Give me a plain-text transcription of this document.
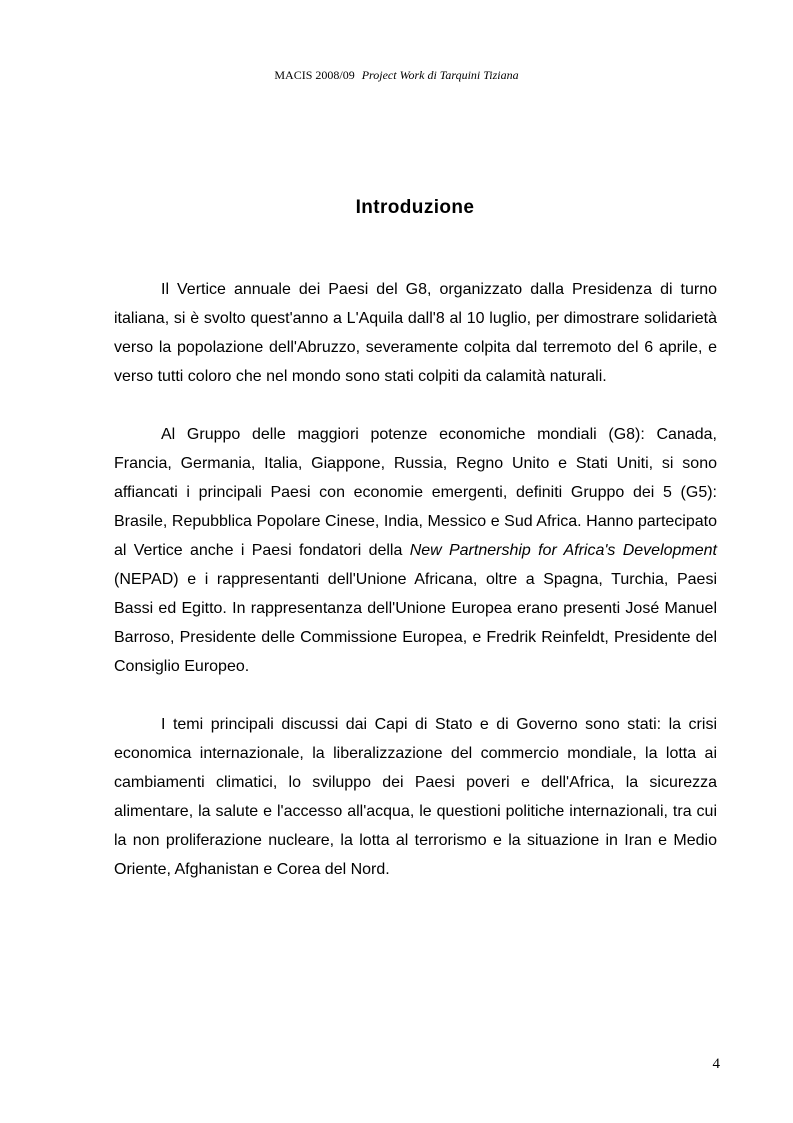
MACIS 2008/09 Project Work di Tarquini Tiziana
Introduzione

Il Vertice annuale dei Paesi del G8, organizzato dalla Presidenza di turno italiana, si è svolto quest'anno a L'Aquila dall'8 al 10 luglio, per dimostrare solidarietà verso la popolazione dell'Abruzzo, severamente colpita dal terremoto del 6 aprile, e verso tutti coloro che nel mondo sono stati colpiti da calamità naturali.

Al Gruppo delle maggiori potenze economiche mondiali (G8): Canada, Francia, Germania, Italia, Giappone, Russia, Regno Unito e Stati Uniti, si sono affiancati i principali Paesi con economie emergenti, definiti Gruppo dei 5 (G5): Brasile, Repubblica Popolare Cinese, India, Messico e Sud Africa. Hanno partecipato al Vertice anche i Paesi fondatori della New Partnership for Africa's Development (NEPAD) e i rappresentanti dell'Unione Africana, oltre a Spagna, Turchia, Paesi Bassi ed Egitto. In rappresentanza dell'Unione Europea erano presenti José Manuel Barroso, Presidente delle Commissione Europea, e Fredrik Reinfeldt, Presidente del Consiglio Europeo.

I temi principali discussi dai Capi di Stato e di Governo sono stati: la crisi economica internazionale, la liberalizzazione del commercio mondiale, la lotta ai cambiamenti climatici, lo sviluppo dei Paesi poveri e dell'Africa, la sicurezza alimentare, la salute e l'accesso all'acqua, le questioni politiche internazionali, tra cui la non proliferazione nucleare, la lotta al terrorismo e la situazione in Iran e Medio Oriente, Afghanistan e Corea del Nord.

4
